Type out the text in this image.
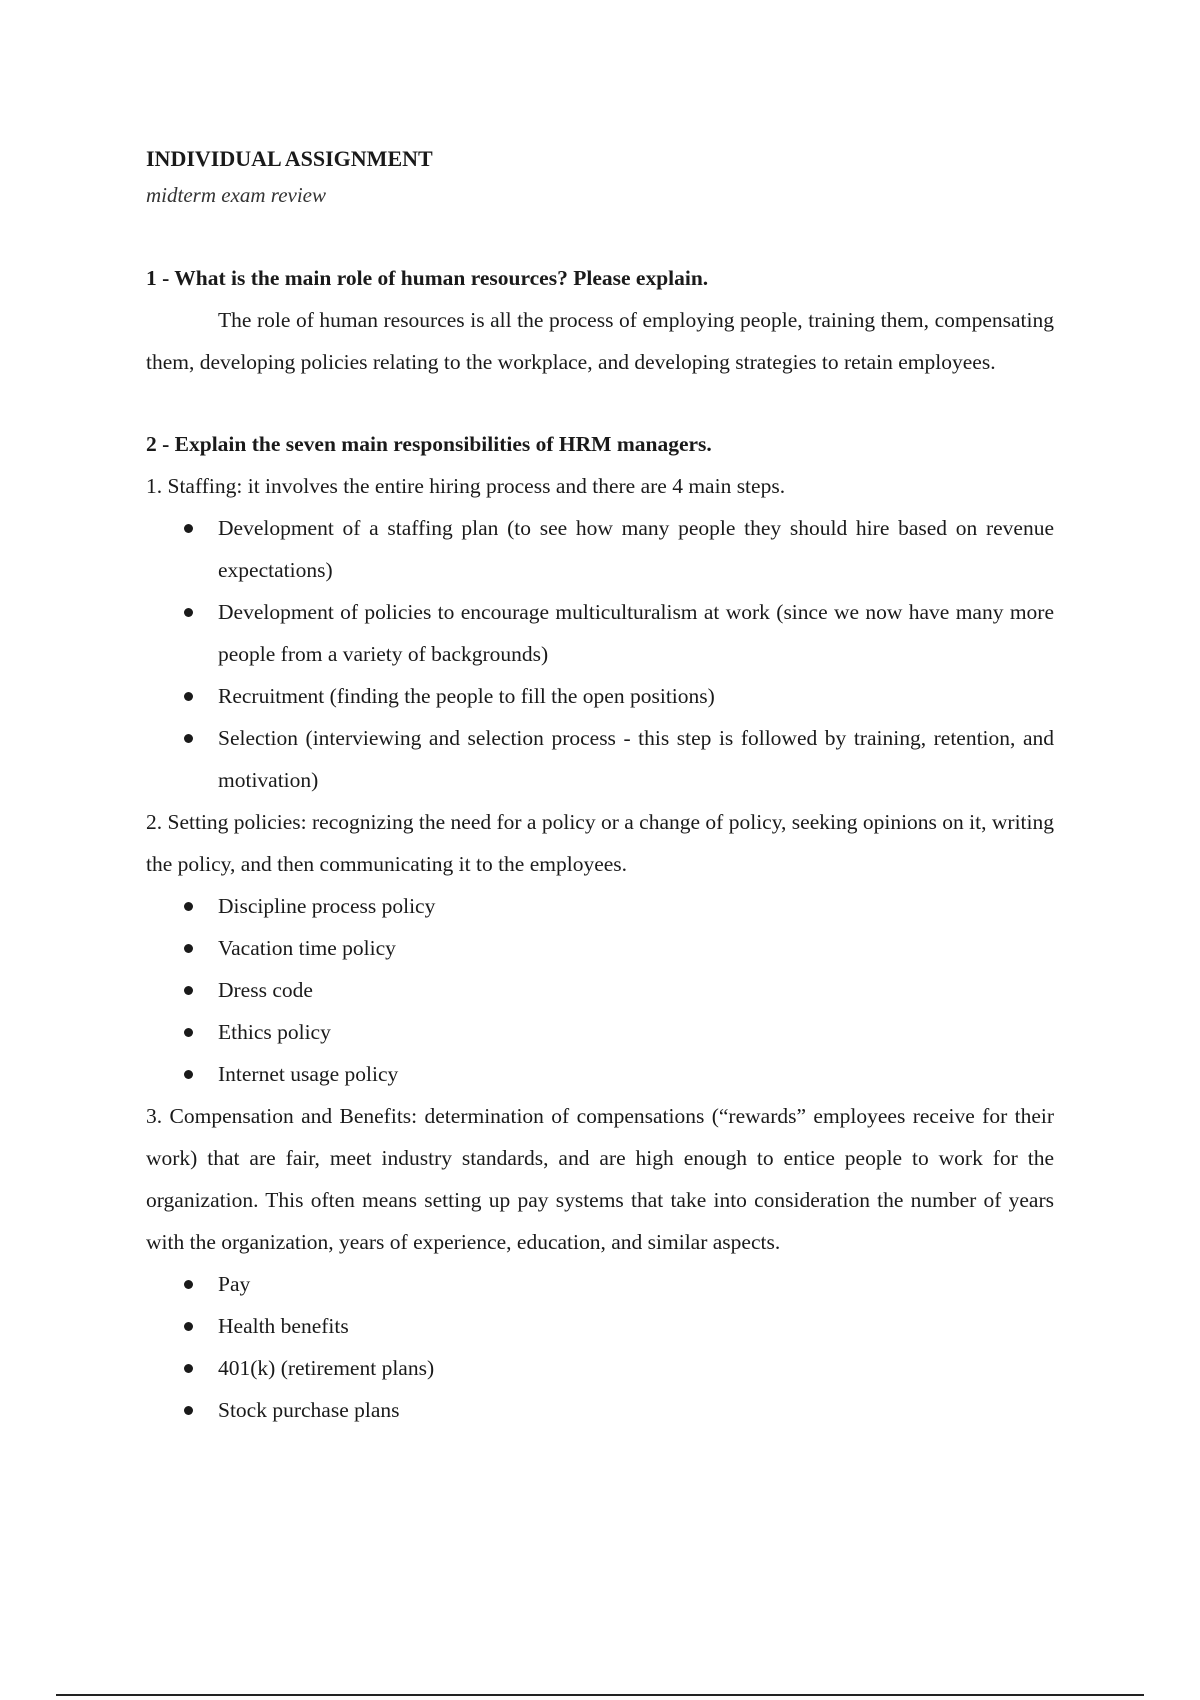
INDIVIDUAL ASSIGNMENT

midterm exam review

1 - What is the main role of human resources? Please explain.

The role of human resources is all the process of employing people, training them, compensating them, developing policies relating to the workplace, and developing strategies to retain employees.

2 - Explain the seven main responsibilities of HRM managers.

1. Staffing: it involves the entire hiring process and there are 4 main steps.

Development of a staffing plan (to see how many people they should hire based on revenue expectations)
Development of policies to encourage multiculturalism at work (since we now have many more people from a variety of backgrounds)
Recruitment (finding the people to fill the open positions)
Selection (interviewing and selection process - this step is followed by training, retention, and motivation)

2. Setting policies: recognizing the need for a policy or a change of policy, seeking opinions on it, writing the policy, and then communicating it to the employees.

Discipline process policy
Vacation time policy
Dress code
Ethics policy
Internet usage policy

3. Compensation and Benefits: determination of compensations (“rewards” employees receive for their work) that are fair, meet industry standards, and are high enough to entice people to work for the organization. This often means setting up pay systems that take into consideration the number of years with the organization, years of experience, education, and similar aspects.

Pay
Health benefits
401(k) (retirement plans)
Stock purchase plans
